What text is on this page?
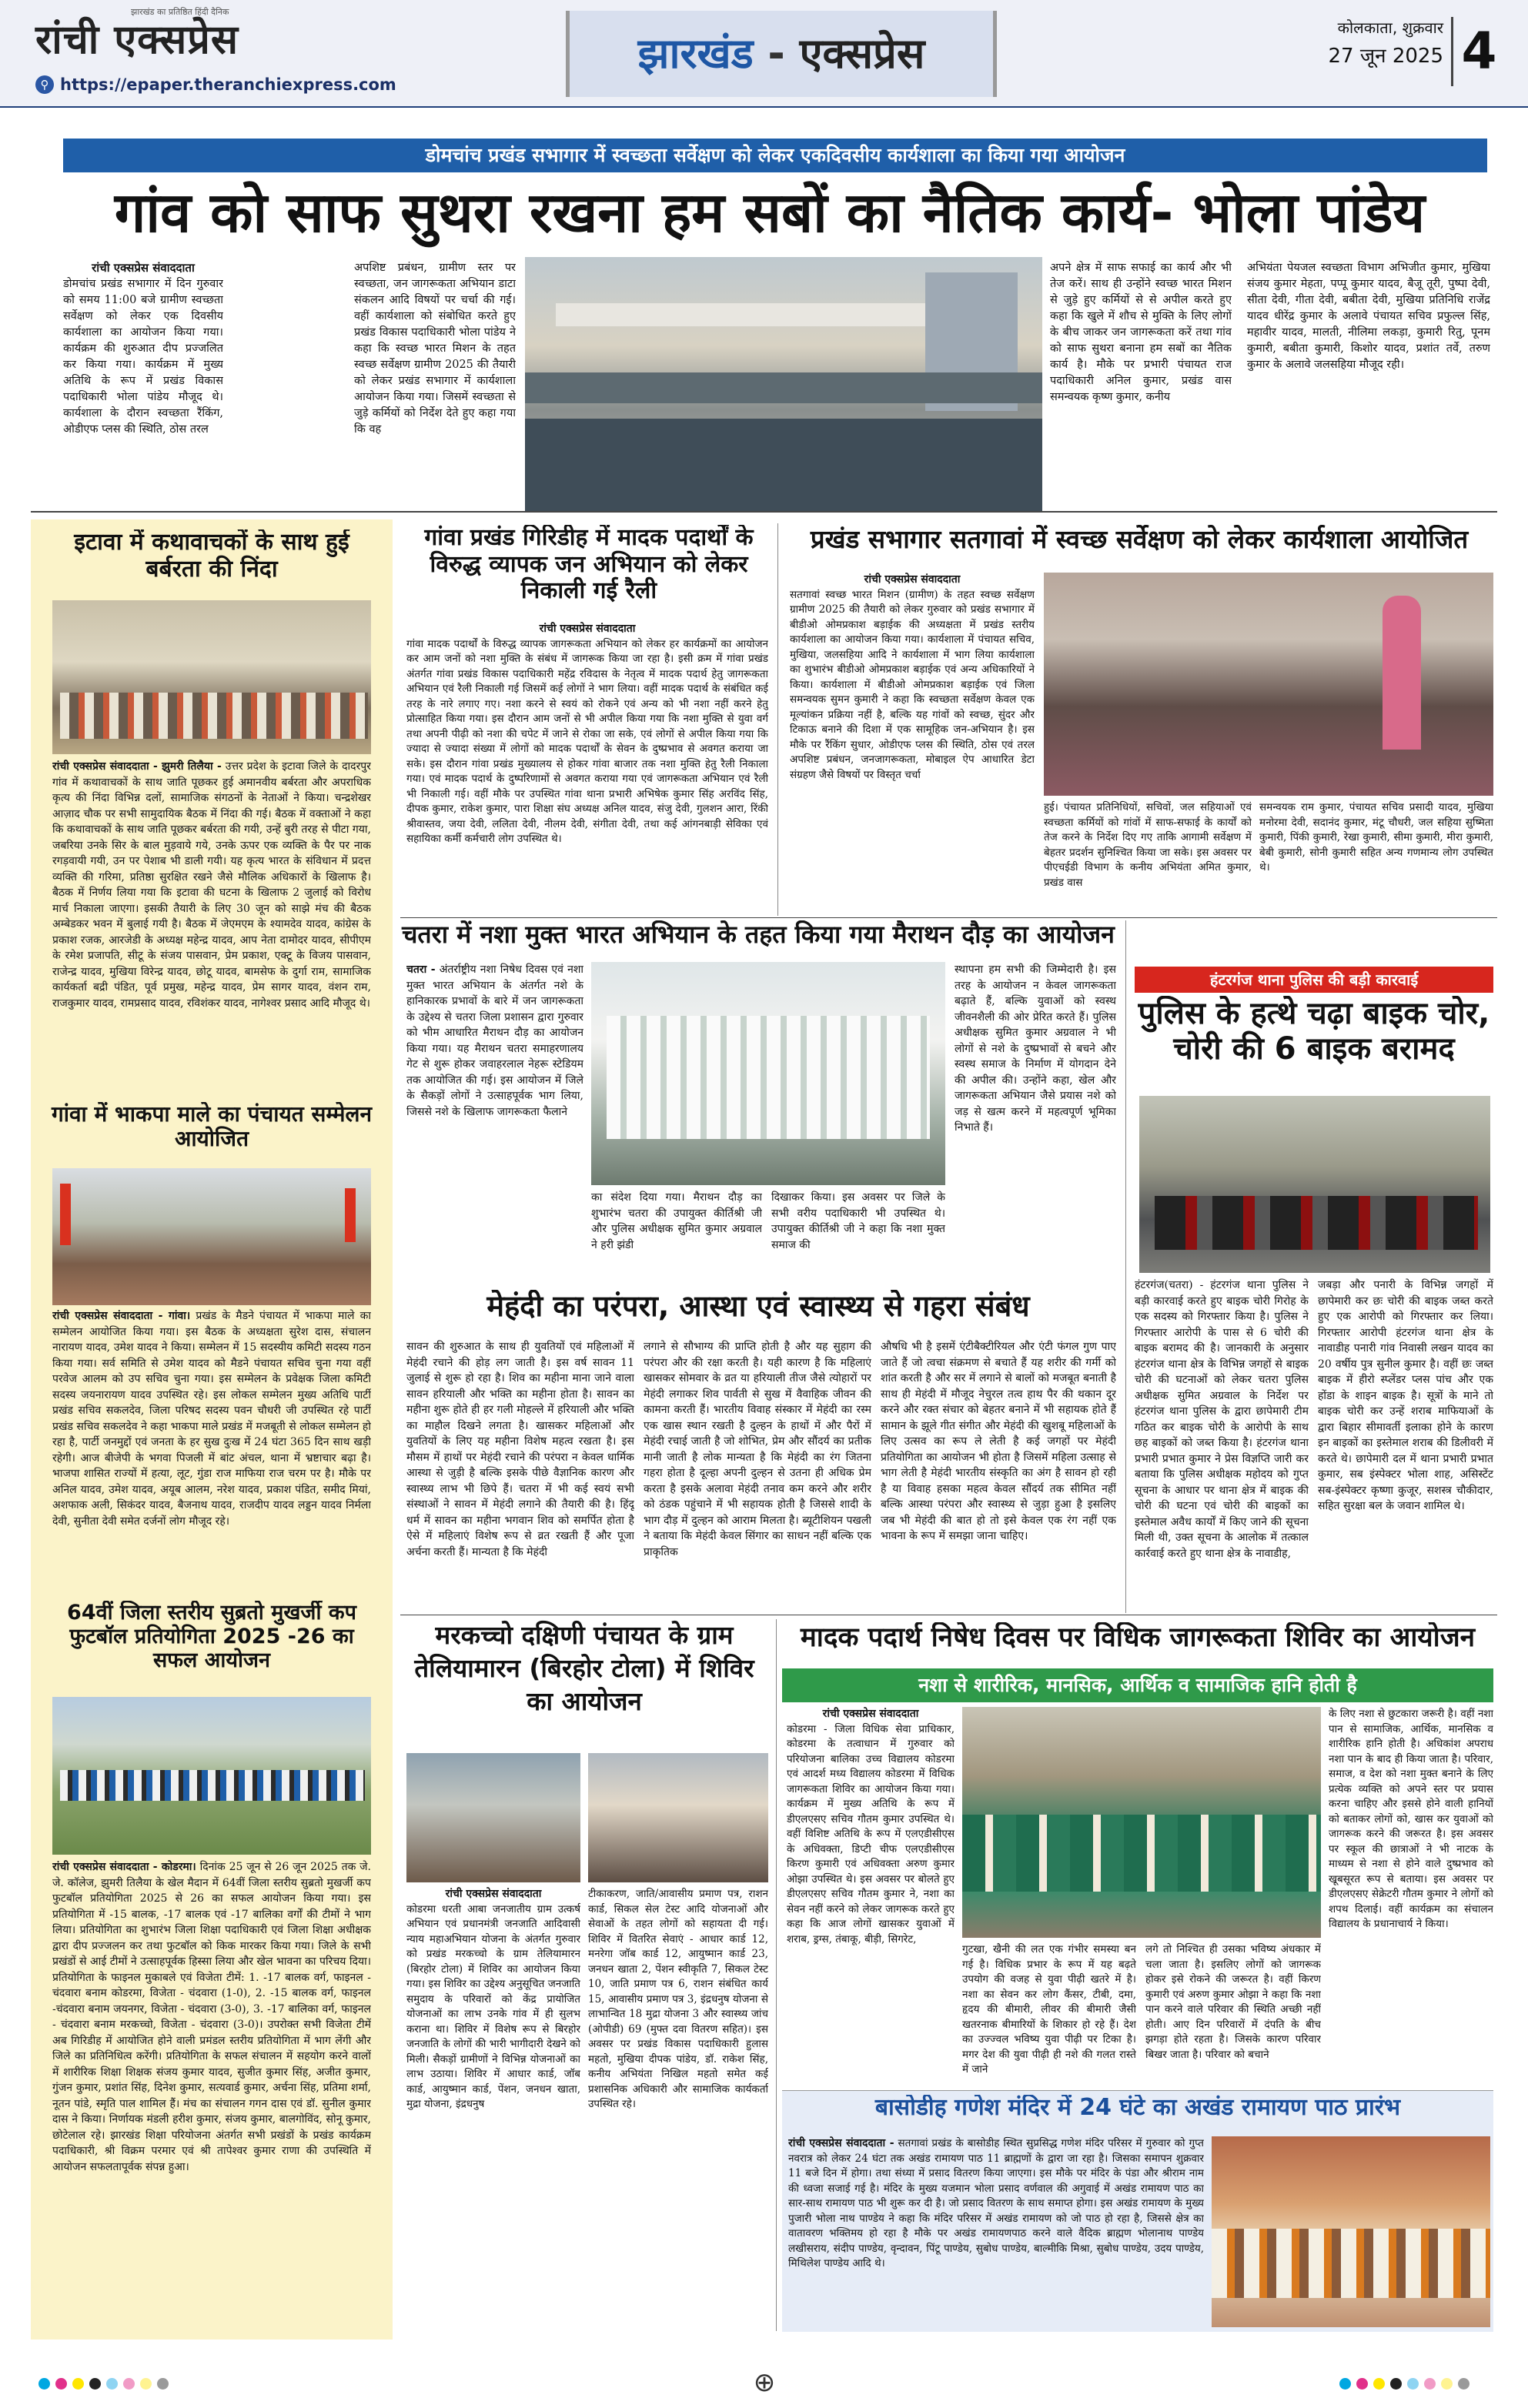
रांची एक्सप्रेस
झारखंड का प्रतिष्ठित हिंदी दैनिक
⚲ https://epaper.theranchiexpress.com
झारखंड - एक्सप्रेस
कोलकाता, शुक्रवार
27 जून 2025 4
डोमचांच प्रखंड सभागार में स्वच्छता सर्वेक्षण को लेकर एकदिवसीय कार्यशाला का किया गया आयोजन
गांव को साफ सुथरा रखना हम सबों का नैतिक कार्य- भोला पांडेय
रांची एक्सप्रेस संवाददाता
डोमचांच प्रखंड सभागार में दिन गुरुवार को समय 11:00 बजे ग्रामीण स्वच्छता सर्वेक्षण को लेकर एक दिवसीय कार्यशाला का आयोजन किया गया। कार्यक्रम की शुरुआत दीप प्रज्जलित कर किया गया। कार्यक्रम में मुख्य अतिथि के रूप में प्रखंड विकास पदाधिकारी भोला पांडेय मौजूद थे। कार्यशाला के दौरान स्वच्छता रैंकिंग, ओडीएफ प्लस की स्थिति, ठोस तरल
अपशिष्ट प्रबंधन, ग्रामीण स्तर पर स्वच्छता, जन जागरूकता अभियान डाटा संकलन आदि विषयों पर चर्चा की गई। वहीं कार्यशाला को संबोधित करते हुए प्रखंड विकास पदाधिकारी भोला पांडेय ने कहा कि स्वच्छ भारत मिशन के तहत स्वच्छ सर्वेक्षण ग्रामीण 2025 की तैयारी को लेकर प्रखंड सभागार में कार्यशाला आयोजन किया गया। जिसमें स्वच्छता से जुड़े कर्मियों को निर्देश देते हुए कहा गया कि वह
अपने क्षेत्र में साफ सफाई का कार्य और भी तेज करें। साथ ही उन्होंने स्वच्छ भारत मिशन से जुड़े हुए कर्मियों से से अपील करते हुए कहा कि खुले में शौच से मुक्ति के लिए लोगों के बीच जाकर जन जागरूकता करें तथा गांव को साफ सुथरा बनाना हम सबों का नैतिक कार्य है। मौके पर प्रभारी पंचायत राज पदाधिकारी अनिल कुमार, प्रखंड वास समन्वयक कृष्ण कुमार, कनीय
अभियंता पेयजल स्वच्छता विभाग अभिजीत कुमार, मुखिया संजय कुमार मेहता, पप्पू कुमार यादव, बैजू तूरी, पुष्पा देवी, सीता देवी, गीता देवी, बबीता देवी, मुखिया प्रतिनिधि राजेंद्र यादव धीरेंद्र कुमार के अलावे पंचायत सचिव प्रफुल्ल सिंह, महावीर यादव, मालती, नीलिमा लकड़ा, कुमारी रितु, पूनम कुमारी, बबीता कुमारी, किशोर यादव, प्रशांत तर्वे, तरुण कुमार के अलावे जलसहिया मौजूद रही।
इटावा में कथावाचकों के साथ हुई बर्बरता की निंदा
रांची एक्सप्रेस संवाददाता - झुमरी तिलैया - उत्तर प्रदेश के इटावा जिले के दादरपुर गांव में कथावाचकों के साथ जाति पूछकर हुई अमानवीय बर्बरता और अपराधिक कृत्य की निंदा विभिन्न दलों, सामाजिक संगठनों के नेताओं ने किया। चन्द्रशेखर आज़ाद चौक पर सभी सामुदायिक बैठक में निंदा की गई। बैठक में वक्ताओं ने कहा कि कथावाचकों के साथ जाति पूछकर बर्बरता की गयी, उन्हें बुरी तरह से पीटा गया, जबरिया उनके सिर के बाल मुड़वाये गये, उनके ऊपर एक व्यक्ति के पैर पर नाक रगड़वायी गयी, उन पर पेशाब भी डाली गयी। यह कृत्य भारत के संविधान में प्रदत्त व्यक्ति की गरिमा, प्रतिष्ठा सुरक्षित रखने जैसे मौलिक अधिकारों के खिलाफ है। बैठक में निर्णय लिया गया कि इटावा की घटना के खिलाफ 2 जुलाई को विरोध मार्च निकाला जाएगा। इसकी तैयारी के लिए 30 जून को साझे मंच की बैठक अम्बेडकर भवन में बुलाई गयी है। बैठक में जेएमएम के श्यामदेव यादव, कांग्रेस के प्रकाश रजक, आरजेडी के अध्यक्ष महेन्द्र यादव, आप नेता दामोदर यादव, सीपीएम के रमेश प्रजापति, सीटू के संजय पासवान, प्रेम प्रकाश, एक्टू के विजय पासवान, राजेन्द्र यादव, मुखिया विरेन्द्र यादव, छोटू यादव, बामसेफ के दुर्गा राम, सामाजिक कार्यकर्ता बद्री पंडित, पूर्व प्रमुख, महेन्द्र यादव, प्रेम सागर यादव, वंशन राम, राजकुमार यादव, रामप्रसाद यादव, रविशंकर यादव, नागेश्वर प्रसाद आदि मौजूद थे।
गांवा में भाकपा माले का पंचायत सम्मेलन आयोजित
रांची एक्सप्रेस संवाददाता - गांवा। प्रखंड के मैडने पंचायत में भाकपा माले का सम्मेलन आयोजित किया गया। इस बैठक के अध्यक्षता सुरेश दास, संचालन नारायण यादव, उमेश यादव ने किया। सम्मेलन में 15 सदस्यीय कमिटी सदस्य गठन किया गया। सर्व समिति से उमेश यादव को मैडने पंचायत सचिव चुना गया वहीं परवेज आलम को उप सचिव चुना गया। इस सम्मेलन के प्रवेक्षक जिला कमिटी सदस्य जयनारायण यादव उपस्थित रहे। इस लोकल सम्मेलन मुख्य अतिथि पार्टी प्रखंड सचिव सकलदेव, जिला परिषद सदस्य पवन चौधरी जी उपस्थित रहे पार्टी प्रखंड सचिव सकलदेव ने कहा भाकपा माले प्रखंड में मजबूती से लोकल सम्मेलन हो रहा है, पार्टी जनमुद्दों एवं जनता के हर सुख दुःख में 24 घंटा 365 दिन साथ खड़ी रहेगी। आज बीजेपी के भगवा पिजली में बांट अंचल, थाना में भ्रष्टाचार बढ़ा है। भाजपा शासित राज्यों में हत्या, लूट, गुंडा राज माफिया राज चरम पर है। मौके पर अनिल यादव, उमेश यादव, अयूब आलम, नरेश यादव, प्रकाश पंडित, समीद मियां, अशफाक अली, सिकंदर यादव, बैजनाथ यादव, राजदीप यादव लड्डन यादव निर्मला देवी, सुनीता देवी समेत दर्जनों लोग मौजूद रहे।
64वीं जिला स्तरीय सुब्रतो मुखर्जी कप फुटबॉल प्रतियोगिता 2025 -26 का सफल आयोजन
रांची एक्सप्रेस संवाददाता - कोडरमा। दिनांक 25 जून से 26 जून 2025 तक जे. जे. कॉलेज, झुमरी तिलैया के खेल मैदान में 64वीं जिला स्तरीय सुब्रतो मुखर्जी कप फुटबॉल प्रतियोगिता 2025 से 26 का सफल आयोजन किया गया। इस प्रतियोगिता में -15 बालक, -17 बालक एवं -17 बालिका वर्गों की टीमों ने भाग लिया। प्रतियोगिता का शुभारंभ जिला शिक्षा पदाधिकारी एवं जिला शिक्षा अधीक्षक द्वारा दीप प्रज्जलन कर तथा फुटबॉल को किक मारकर किया गया। जिले के सभी प्रखंडों से आई टीमों ने उत्साहपूर्वक हिस्सा लिया और खेल भावना का परिचय दिया। प्रतियोगिता के फाइनल मुकाबले एवं विजेता टीमें: 1. -17 बालक वर्ग, फाइनल - चंदवारा बनाम कोडरमा, विजेता - चंदवारा (1-0), 2. -15 बालक वर्ग, फाइनल -चंदवारा बनाम जयनगर, विजेता - चंदवारा (3-0), 3. -17 बालिका वर्ग, फाइनल - चंदवारा बनाम मरकच्चो, विजेता - चंदवारा (3-0)। उपरोक्त सभी विजेता टीमें अब गिरिडीह में आयोजित होने वाली प्रमंडल स्तरीय प्रतियोगिता में भाग लेंगी और जिले का प्रतिनिधित्व करेंगी। प्रतियोगिता के सफल संचालन में सहयोग करने वालों में शारीरिक शिक्षा शिक्षक संजय कुमार यादव, सुजीत कुमार सिंह, अजीत कुमार, गुंजन कुमार, प्रशांत सिंह, दिनेश कुमार, सत्यवार्ड कुमार, अर्चना सिंह, प्रतिमा शर्मा, नूतन पांडे, स्मृति पाल शामिल हैं। मंच का संचालन गगन दास एवं डॉ. सुनील कुमार दास ने किया। निर्णायक मंडली हरीश कुमार, संजय कुमार, बालगोविंद, सोनू कुमार, छोटेलाल रहे। झारखंड शिक्षा परियोजना अंतर्गत सभी प्रखंडों के प्रखंड कार्यक्रम पदाधिकारी, श्री विक्रम परमार एवं श्री तापेश्वर कुमार राणा की उपस्थिति में आयोजन सफलतापूर्वक संपन्न हुआ।
गांवा प्रखंड गिरिडीह में मादक पदार्थों के विरुद्ध व्यापक जन अभियान को लेकर निकाली गई रैली
रांची एक्सप्रेस संवाददाता
गांवा मादक पदार्थों के विरुद्ध व्यापक जागरूकता अभियान को लेकर हर कार्यक्रमों का आयोजन कर आम जनों को नशा मुक्ति के संबंध में जागरूक किया जा रहा है। इसी क्रम में गांवा प्रखंड अंतर्गत गांवा प्रखंड विकास पदाधिकारी महेंद्र रविदास के नेतृत्व में मादक पदार्थ हेतु जागरूकता अभियान एवं रैली निकाली गई जिसमें कई लोगों ने भाग लिया। वहीं मादक पदार्थ के संबंधित कई तरह के नारे लगाए गए। नशा करने से स्वयं को रोकने एवं अन्य को भी नशा नहीं करने हेतु प्रोत्साहित किया गया। इस दौरान आम जनों से भी अपील किया गया कि नशा मुक्ति से युवा वर्ग तथा अपनी पीढ़ी को नशा की चपेट में जाने से रोका जा सके, एवं लोगों से अपील किया गया कि ज्यादा से ज्यादा संख्या में लोगों को मादक पदार्थों के सेवन के दुष्प्रभाव से अवगत कराया जा सके। इस दौरान गांवा प्रखंड मुख्यालय से होकर गांवा बाजार तक नशा मुक्ति हेतु रैली निकाला गया। एवं मादक पदार्थ के दुष्परिणामों से अवगत कराया गया एवं जागरूकता अभियान एवं रैली भी निकाली गई। वहीं मौके पर उपस्थित गांवा थाना प्रभारी अभिषेक कुमार सिंह अरविंद सिंह, दीपक कुमार, राकेश कुमार, पारा शिक्षा संघ अध्यक्ष अनिल यादव, संजु देवी, गुलशन आरा, रिंकी श्रीवास्तव, जया देवी, ललिता देवी, नीलम देवी, संगीता देवी, तथा कई आंगनबाड़ी सेविका एवं सहायिका कर्मी कर्मचारी लोग उपस्थित थे।
प्रखंड सभागार सतगावां में स्वच्छ सर्वेक्षण को लेकर कार्यशाला आयोजित
रांची एक्सप्रेस संवाददाता
सतगावां स्वच्छ भारत मिशन (ग्रामीण) के तहत स्वच्छ सर्वेक्षण ग्रामीण 2025 की तैयारी को लेकर गुरुवार को प्रखंड सभागार में बीडीओ ओमप्रकाश बड़ाईक की अध्यक्षता में प्रखंड स्तरीय कार्यशाला का आयोजन किया गया। कार्यशाला में पंचायत सचिव, मुखिया, जलसहिया आदि ने कार्यशाला में भाग लिया कार्यशाला का शुभारंभ बीडीओ ओमप्रकाश बड़ाईक एवं अन्य अधिकारियों ने किया। कार्यशाला में बीडीओ ओमप्रकाश बड़ाईक एवं जिला समन्वयक सुमन कुमारी ने कहा कि स्वच्छता सर्वेक्षण केवल एक मूल्यांकन प्रक्रिया नहीं है, बल्कि यह गांवों को स्वच्छ, सुंदर और टिकाऊ बनाने की दिशा में एक सामूहिक जन-अभियान है। इस मौके पर रैंकिंग सुधार, ओडीएफ प्लस की स्थिति, ठोस एवं तरल अपशिष्ट प्रबंधन, जनजागरूकता, मोबाइल ऐप आधारित डेटा संग्रहण जैसे विषयों पर विस्तृत चर्चा
हुई। पंचायत प्रतिनिधियों, सचिवों, जल सहियाओं एवं स्वच्छता कर्मियों को गांवों में साफ-सफाई के कार्यों को तेज करने के निर्देश दिए गए ताकि आगामी सर्वेक्षण में बेहतर प्रदर्शन सुनिश्चित किया जा सके। इस अवसर पर पीएचईडी विभाग के कनीय अभियंता अमित कुमार, प्रखंड वास
समन्वयक राम कुमार, पंचायत सचिव प्रसादी यादव, मुखिया मनोरमा देवी, सदानंद कुमार, मंटू चौधरी, जल सहिया सुष्मिता कुमारी, पिंकी कुमारी, रेखा कुमारी, सीमा कुमारी, मीरा कुमारी, बेबी कुमारी, सोनी कुमारी सहित अन्य गणमान्य लोग उपस्थित थे।
चतरा में नशा मुक्त भारत अभियान के तहत किया गया मैराथन दौड़ का आयोजन
चतरा - अंतर्राष्ट्रीय नशा निषेध दिवस एवं नशा मुक्त भारत अभियान के अंतर्गत नशे के हानिकारक प्रभावों के बारे में जन जागरूकता के उद्देश्य से चतरा जिला प्रशासन द्वारा गुरुवार को भीम आधारित मैराथन दौड़ का आयोजन किया गया। यह मैराथन चतरा समाहरणालय गेट से शुरू होकर जवाहरलाल नेहरू स्टेडियम तक आयोजित की गई। इस आयोजन में जिले के सैकड़ों लोगों ने उत्साहपूर्वक भाग लिया, जिससे नशे के खिलाफ जागरूकता फैलाने
का संदेश दिया गया। मैराथन दौड़ का शुभारंभ चतरा की उपायुक्त कीर्तिश्री जी और पुलिस अधीक्षक सुमित कुमार अग्रवाल ने हरी झंडी
दिखाकर किया। इस अवसर पर जिले के सभी वरीय पदाधिकारी भी उपस्थित थे। उपायुक्त कीर्तिश्री जी ने कहा कि नशा मुक्त समाज की
स्थापना हम सभी की जिम्मेदारी है। इस तरह के आयोजन न केवल जागरूकता बढ़ाते हैं, बल्कि युवाओं को स्वस्थ जीवनशैली की ओर प्रेरित करते हैं। पुलिस अधीक्षक सुमित कुमार अग्रवाल ने भी लोगों से नशे के दुष्प्रभावों से बचने और स्वस्थ समाज के निर्माण में योगदान देने की अपील की। उन्होंने कहा, खेल और जागरूकता अभियान जैसे प्रयास नशे को जड़ से खत्म करने में महत्वपूर्ण भूमिका निभाते हैं।
हंटरगंज थाना पुलिस की बड़ी कारवाई
पुलिस के हत्थे चढ़ा बाइक चोर, चोरी की 6 बाइक बरामद
हंटरगंज(चतरा) - हंटरगंज थाना पुलिस ने बड़ी कारवाई करते हुए बाइक चोरी गिरोह के एक सदस्य को गिरफ्तार किया है। पुलिस ने गिरफ्तार आरोपी के पास से 6 चोरी की बाइक बरामद की है। जानकारी के अनुसार हंटरगंज थाना क्षेत्र के विभिन्न जगहों से बाइक चोरी की घटनाओं को लेकर चतरा पुलिस अधीक्षक सुमित अग्रवाल के निर्देश पर हंटरगंज थाना पुलिस के द्वारा छापेमारी टीम गठित कर बाइक चोरी के आरोपी के साथ छह बाइकों को जब्त किया है। हंटरगंज थाना प्रभारी प्रभात कुमार ने प्रेस विज्ञप्ति जारी कर बताया कि पुलिस अधीक्षक महोदय को गुप्त सूचना के आधार पर थाना क्षेत्र में बाइक की चोरी की घटना एवं चोरी की बाइकों का इस्तेमाल अवैध कार्यों में किए जाने की सूचना मिली थी, उक्त सूचना के आलोक में तत्काल कार्रवाई करते हुए थाना क्षेत्र के नावाडीह,
जबड़ा और पनारी के विभिन्न जगहों में छापेमारी कर छः चोरी की बाइक जब्त करते हुए एक आरोपी को गिरफ्तार कर लिया। गिरफ्तार आरोपी हंटरगंज थाना क्षेत्र के नावाडीह पनारी गांव निवासी लखन यादव का 20 वर्षीय पुत्र सुनील कुमार है। वहीं छः जब्त बाइक में हीरो स्प्लेंडर प्लस पांच और एक होंडा के शाइन बाइक है। सूत्रों के माने तो बाइक चोरी कर उन्हें शराब माफियाओं के द्वारा बिहार सीमावर्ती इलाका होने के कारण इन बाइकों का इस्तेमाल शराब की डिलीवरी में करते थे। छापेमारी दल में थाना प्रभारी प्रभात कुमार, सब इंस्पेक्टर भोला शाह, असिस्टेंट सब-इंस्पेक्टर कृष्णा कुजूर, सशस्त्र चौकीदार, सहित सुरक्षा बल के जवान शामिल थे।
मेहंदी का परंपरा, आस्था एवं स्वास्थ्य से गहरा संबंध
सावन की शुरुआत के साथ ही युवतियों एवं महिलाओं में मेहंदी रचाने की होड़ लग जाती है। इस वर्ष सावन 11 जुलाई से शुरू हो रहा है। शिव का महीना माना जाने वाला सावन हरियाली और भक्ति का महीना होता है। सावन का महीना शुरू होते ही हर गली मोहल्ले में हरियाली और भक्ति का माहौल दिखने लगता है। खासकर महिलाओं और युवतियों के लिए यह महीना विशेष महत्व रखता है। इस मौसम में हाथों पर मेहंदी रचाने की परंपरा न केवल धार्मिक आस्था से जुड़ी है बल्कि इसके पीछे वैज्ञानिक कारण और स्वास्थ्य लाभ भी छिपे हैं। चतरा में भी कई स्वयं सभी संस्थाओं ने सावन में मेहंदी लगाने की तैयारी की है। हिंदू धर्म में सावन का महीना भगवान शिव को समर्पित होता है ऐसे में महिलाएं विशेष रूप से व्रत रखती हैं और पूजा अर्चना करती हैं। मान्यता है कि मेहंदी
लगाने से सौभाग्य की प्राप्ति होती है और यह सुहाग की परंपरा और की रक्षा करती है। यही कारण है कि महिलाएं खासकर सोमवार के व्रत या हरियाली तीज जैसे त्योहारों पर मेहंदी लगाकर शिव पार्वती से सुख में वैवाहिक जीवन की कामना करती हैं। भारतीय विवाह संस्कार में मेहंदी का रस्म एक खास स्थान रखती है दुल्हन के हाथों में और पैरों में मेहंदी रचाई जाती है जो शोभित, प्रेम और सौंदर्य का प्रतीक मानी जाती है लोक मान्यता है कि मेहंदी का रंग जितना गहरा होता है दूल्हा अपनी दुल्हन से उतना ही अधिक प्रेम करता है इसके अलावा मेहंदी तनाव कम करने और शरीर को ठंडक पहुंचाने में भी सहायक होती है जिससे शादी के भाग दौड़ में दुल्हन को आराम मिलता है। ब्यूटीशियन पखली ने बताया कि मेहंदी केवल सिंगार का साधन नहीं बल्कि एक प्राकृतिक
औषधि भी है इसमें एंटीबैक्टीरियल और एंटी फंगल गुण पाए जाते हैं जो त्वचा संक्रमण से बचाते हैं यह शरीर की गर्मी को शांत करती है और सर में लगाने से बालों को मजबूत बनाती है साथ ही मेहंदी में मौजूद नेचुरल तत्व हाथ पैर की थकान दूर करने और रक्त संचार को बेहतर बनाने में भी सहायक होते हैं सामान के झूले गीत संगीत और मेहंदी की खुशबू महिलाओं के लिए उत्सव का रूप ले लेती है कई जगहों पर मेहंदी प्रतियोगिता का आयोजन भी होता है जिसमें महिला उत्साह से भाग लेती है मेहंदी भारतीय संस्कृति का अंग है सावन हो रही है या विवाह हसका महत्व केवल सौंदर्य तक सीमित नहीं बल्कि आस्था परंपरा और स्वास्थ्य से जुड़ा हुआ है इसलिए जब भी मेहंदी की बात हो तो इसे केवल एक रंग नहीं एक भावना के रूप में समझा जाना चाहिए।
मरकच्चो दक्षिणी पंचायत के ग्राम तेलियामारन (बिरहोर टोला) में शिविर का आयोजन
रांची एक्सप्रेस संवाददाता
कोडरमा धरती आबा जनजातीय ग्राम उत्कर्ष अभियान एवं प्रधानमंत्री जनजाति आदिवासी न्याय महाअभियान योजना के अंतर्गत गुरुवार को प्रखंड मरकच्चो के ग्राम तेलियामारन (बिरहोर टोला) में शिविर का आयोजन किया गया। इस शिविर का उद्देश्य अनुसूचित जनजाति समुदाय के परिवारों को केंद्र प्रायोजित योजनाओं का लाभ उनके गांव में ही सुलभ कराना था। शिविर में विशेष रूप से बिरहोर जनजाति के लोगों की भारी भागीदारी देखने को मिली। सैकड़ों ग्रामीणों ने विभिन्न योजनाओं का लाभ उठाया। शिविर में आधार कार्ड, जॉब कार्ड, आयुष्मान कार्ड, पेंशन, जनधन खाता, मुद्रा योजना, इंद्रधनुष
टीकाकरण, जाति/आवासीय प्रमाण पत्र, राशन कार्ड, सिकल सेल टेस्ट आदि योजनाओं और सेवाओं के तहत लोगों को सहायता दी गई। शिविर में वितरित सेवाएं - आधार कार्ड 12, मनरेगा जॉब कार्ड 12, आयुष्मान कार्ड 23, जनधन खाता 2, पेंशन स्वीकृति 7, सिकल टेस्ट 10, जाति प्रमाण पत्र 6, राशन संबंधित कार्य 15, आवासीय प्रमाण पत्र 3, इंद्रधनुष योजना से लाभान्वित 18 मुद्रा योजना 3 और स्वास्थ्य जांच (ओपीडी) 69 (मुफ्त दवा वितरण सहित)। इस अवसर पर प्रखंड विकास पदाधिकारी हुलास महतो, मुखिया दीपक पांडेय, डॉ. राकेश सिंह, कनीय अभियंता निखिल महतो समेत कई प्रशासनिक अधिकारी और सामाजिक कार्यकर्ता उपस्थित रहे।
मादक पदार्थ निषेध दिवस पर विधिक जागरूकता शिविर का आयोजन
नशा से शारीरिक, मानसिक, आर्थिक व सामाजिक हानि होती है
रांची एक्सप्रेस संवाददाता
कोडरमा - जिला विधिक सेवा प्राधिकार, कोडरमा के तत्वाधान में गुरुवार को परियोजना बालिका उच्च विद्यालय कोडरमा एवं आदर्श मध्य विद्यालय कोडरमा में विधिक जागरूकता शिविर का आयोजन किया गया। कार्यक्रम में मुख्य अतिथि के रूप में डीएलएसए सचिव गौतम कुमार उपस्थित थे। वहीं विशिष्ट अतिथि के रूप में एलएडीसीएस के अधिवक्ता, डिप्टी चीफ एलएडीसीएस किरण कुमारी एवं अधिवक्ता अरुण कुमार ओझा उपस्थित थे। इस अवसर पर बोलते हुए डीएलएसए सचिव गौतम कुमार ने, नशा का सेवन नहीं करने को लेकर जागरूक करते हुए कहा कि आज लोगों खासकर युवाओं में शराब, ड्रग्स, तंबाकू, बीड़ी, सिगरेट,
गुटखा, खैनी की लत एक गंभीर समस्या बन गई है। विधिक प्रभार के रूप में यह बढ़ते उपयोग की वजह से युवा पीढ़ी खतरे में है। नशा का सेवन कर लोग कैंसर, टीबी, दमा, हृदय की बीमारी, लीवर की बीमारी जैसी खतरनाक बीमारियों के शिकार हो रहे हैं। देश का उज्ज्वल भविष्य युवा पीढ़ी पर टिका है। मगर देश की युवा पीढ़ी ही नशे की गलत रास्ते में जाने
लगे तो निश्चित ही उसका भविष्य अंधकार में चला जाता है। इसलिए लोगों को जागरूक होकर इसे रोकने की जरूरत है। वहीं किरण कुमारी एवं अरुण कुमार ओझा ने कहा कि नशा पान करने वाले परिवार की स्थिति अच्छी नहीं होती। आए दिन परिवारों में दंपति के बीच झगड़ा होते रहता है। जिसके कारण परिवार बिखर जाता है। परिवार को बचाने
के लिए नशा से छुटकारा जरूरी है। वहीं नशा पान से सामाजिक, आर्थिक, मानसिक व शारीरिक हानि होती है। अधिकांश अपराध नशा पान के बाद ही किया जाता है। परिवार, समाज, व देश को नशा मुक्त बनाने के लिए प्रत्येक व्यक्ति को अपने स्तर पर प्रयास करना चाहिए और इससे होने वाली हानियों को बताकर लोगों को, खास कर युवाओं को जागरूक करने की जरूरत है। इस अवसर पर स्कूल की छात्राओं ने भी नाटक के माध्यम से नशा से होने वाले दुष्प्रभाव को खूबसूरत रूप से बताया। इस अवसर पर डीएलएसए सेक्रेटरी गौतम कुमार ने लोगों को शपथ दिलाई। वहीं कार्यक्रम का संचालन विद्यालय के प्रधानाचार्य ने किया।
बासोडीह गणेश मंदिर में 24 घंटे का अखंड रामायण पाठ प्रारंभ
रांची एक्सप्रेस संवाददाता - सतगावां प्रखंड के बासोडीह स्थित सुप्रसिद्ध गणेश मंदिर परिसर में गुरुवार को गुप्त नवरात्र को लेकर 24 घंटा तक अखंड रामायण पाठ 11 ब्राह्मणों के द्वारा जा रहा है। जिसका समापन शुक्रवार 11 बजे दिन में होगा। तथा संध्या में प्रसाद वितरण किया जाएगा। इस मौके पर मंदिर के पंडा और श्रीराम नाम की ध्वजा सजाई गई है। मंदिर के मुख्य यजमान भोला प्रसाद वर्णवाल की अगुवाई में अखंड रामायण पाठ का सार-साथ रामायण पाठ भी शुरू कर दी है। जो प्रसाद वितरण के साथ समाप्त होगा। इस अखंड रामायण के मुख्य पुजारी भोला नाथ पाण्डेय ने कहा कि मंदिर परिसर में अखंड रामायण को जो पाठ हो रहा है, जिससे क्षेत्र का वातावरण भक्तिमय हो रहा है मौके पर अखंड रामायणपाठ करने वाले वैदिक ब्राह्मण भोलानाथ पाण्डेय लखीसराय, संदीप पाण्डेय, वृन्दावन, पिंटू पाण्डेय, सुबोध पाण्डेय, बाल्मीकि मिश्रा, सुबोध पाण्डेय, उदय पाण्डेय, मिथिलेश पाण्डेय आदि थे।
⊕
